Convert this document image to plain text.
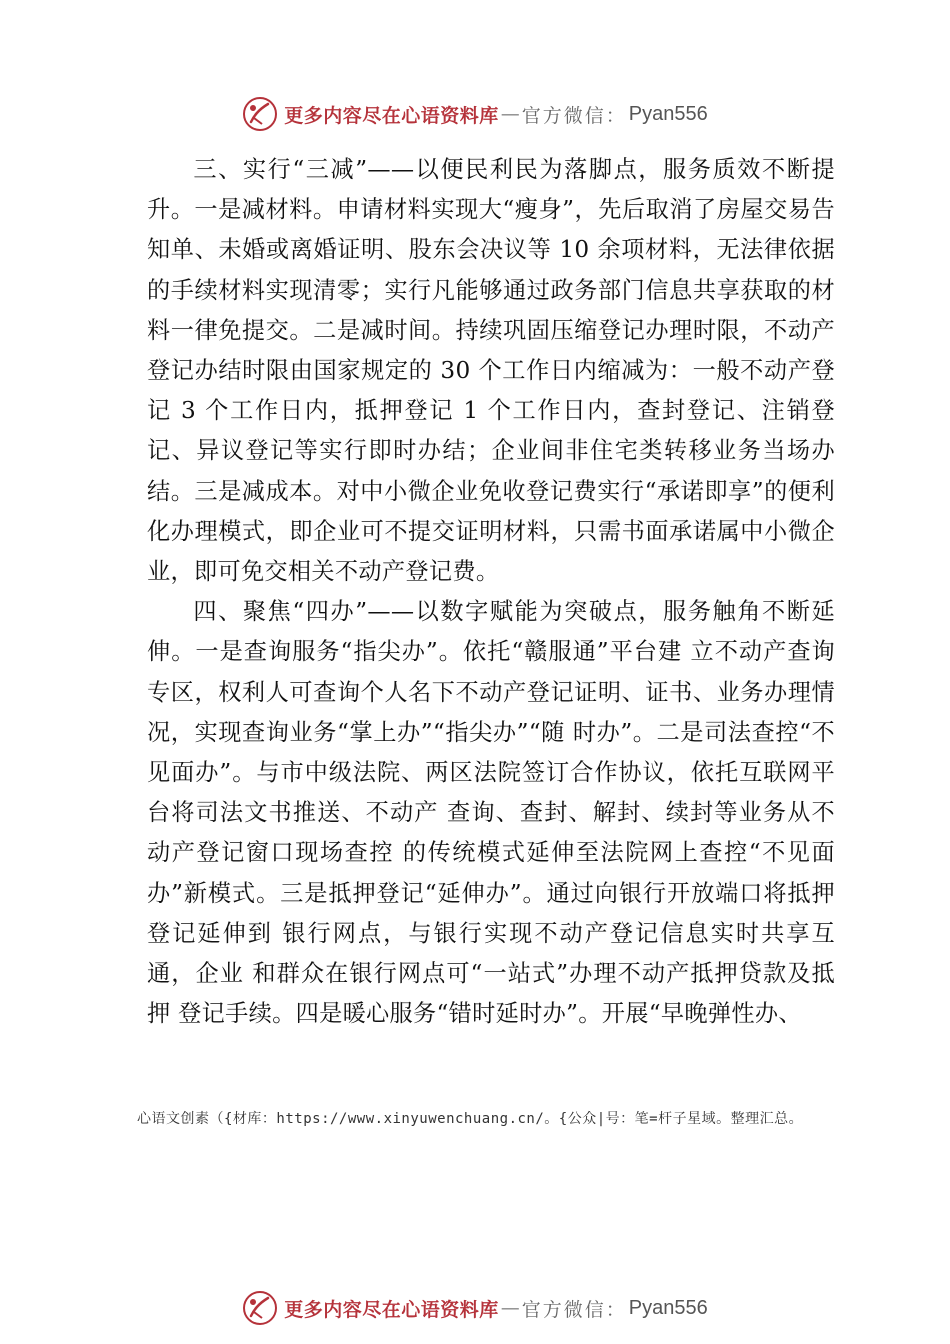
更多内容尽在心语资料库 — 官方微信： Pyan556

三、实行“三减”——以便民利民为落脚点，服务质效不断提升。一是减材料。申请材料实现大“瘦身”，先后取消了房屋交易告知单、未婚或离婚证明、股东会决议等 10 余项材料，无法律依据的手续材料实现清零；实行凡能够通过政务部门信息共享获取的材料一律免提交。二是减时间。持续巩固压缩登记办理时限，不动产登记办结时限由国家规定的 30 个工作日内缩减为：一般不动产登记 3 个工作日内，抵押登记 1 个工作日内，查封登记、注销登记、异议登记等实行即时办结；企业间非住宅类转移业务当场办结。三是减成本。对中小微企业免收登记费实行“承诺即享”的便利化办理模式，即企业可不提交证明材料，只需书面承诺属中小微企业，即可免交相关不动产登记费。

四、聚焦“四办”——以数字赋能为突破点，服务触角不断延伸。一是查询服务“指尖办”。依托“赣服通”平台建 立不动产查询专区，权利人可查询个人名下不动产登记证明、证书、业务办理情况，实现查询业务“掌上办”“指尖办”“随 时办”。二是司法查控“不见面办”。与市中级法院、两区法院签订合作协议，依托互联网平台将司法文书推送、不动产 查询、查封、解封、续封等业务从不动产登记窗口现场查控 的传统模式延伸至法院网上查控“不见面办”新模式。三是抵押登记“延伸办”。通过向银行开放端口将抵押登记延伸到 银行网点，与银行实现不动产登记信息实时共享互通，企业 和群众在银行网点可“一站式”办理不动产抵押贷款及抵押 登记手续。四是暖心服务“错时延时办”。开展“早晚弹性办、

心语文创素（{材库：https://www.xinyuwenchuang.cn/。{公众|号：笔=杆子星域。整理汇总。
更多内容尽在心语资料库 — 官方微信： Pyan556
